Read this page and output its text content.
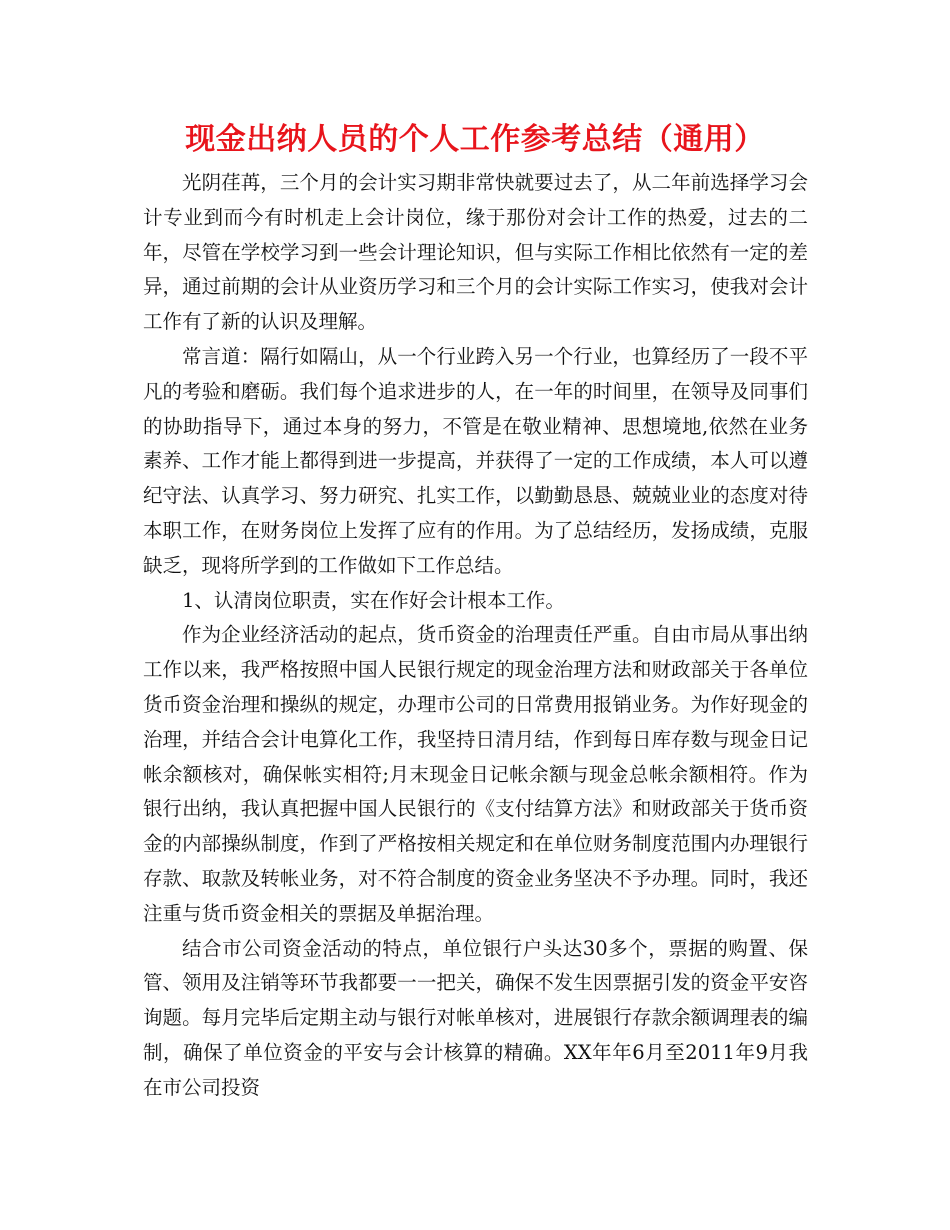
现金出纳人员的个人工作参考总结（通用）

光阴荏苒，三个月的会计实习期非常快就要过去了，从二年前选择学习会计专业到而今有时机走上会计岗位，缘于那份对会计工作的热爱，过去的二年，尽管在学校学习到一些会计理论知识，但与实际工作相比依然有一定的差异，通过前期的会计从业资历学习和三个月的会计实际工作实习，使我对会计工作有了新的认识及理解。

常言道：隔行如隔山，从一个行业跨入另一个行业，也算经历了一段不平凡的考验和磨砺。我们每个追求进步的人，在一年的时间里，在领导及同事们的协助指导下，通过本身的努力，不管是在敬业精神、思想境地,依然在业务素养、工作才能上都得到进一步提高，并获得了一定的工作成绩，本人可以遵纪守法、认真学习、努力研究、扎实工作，以勤勤恳恳、兢兢业业的态度对待本职工作，在财务岗位上发挥了应有的作用。为了总结经历，发扬成绩，克服缺乏，现将所学到的工作做如下工作总结。

1、认清岗位职责，实在作好会计根本工作。

作为企业经济活动的起点，货币资金的治理责任严重。自由市局从事出纳工作以来，我严格按照中国人民银行规定的现金治理方法和财政部关于各单位货币资金治理和操纵的规定，办理市公司的日常费用报销业务。为作好现金的治理，并结合会计电算化工作，我坚持日清月结，作到每日库存数与现金日记帐余额核对，确保帐实相符;月末现金日记帐余额与现金总帐余额相符。作为银行出纳，我认真把握中国人民银行的《支付结算方法》和财政部关于货币资金的内部操纵制度，作到了严格按相关规定和在单位财务制度范围内办理银行存款、取款及转帐业务，对不符合制度的资金业务坚决不予办理。同时，我还注重与货币资金相关的票据及单据治理。

结合市公司资金活动的特点，单位银行户头达30多个，票据的购置、保管、领用及注销等环节我都要一一把关，确保不发生因票据引发的资金平安咨询题。每月完毕后定期主动与银行对帐单核对，进展银行存款余额调理表的编制，确保了单位资金的平安与会计核算的精确。XX年年6月至2011年9月我在市公司投资
